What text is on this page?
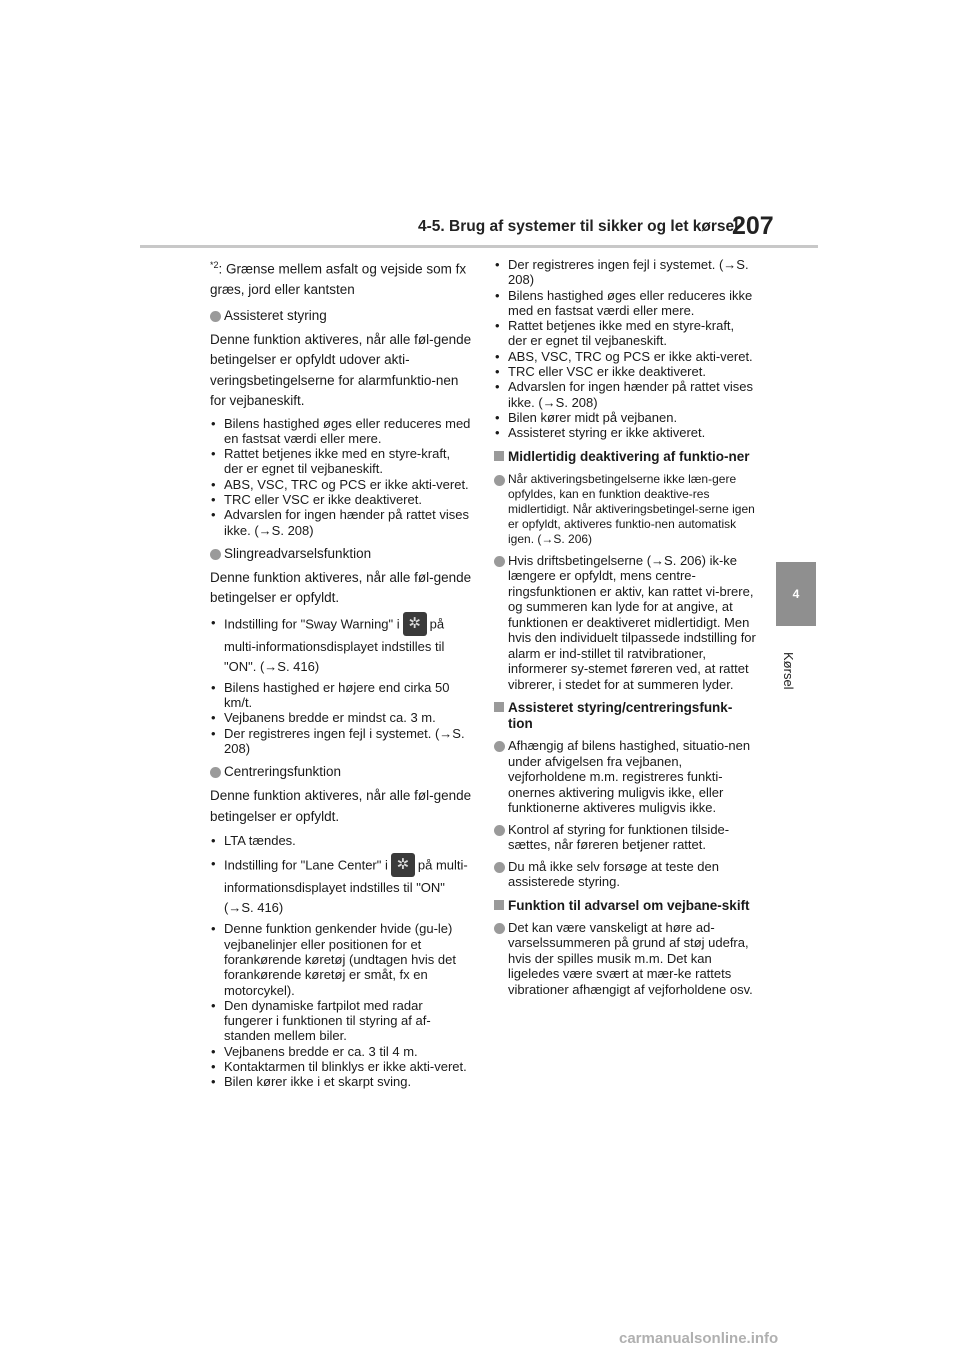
4-5. Brug af systemer til sikker og let kørsel
207
4
Kørsel
$^{*2}$: Grænse mellem asfalt og vejside som fx græs, jord eller kantsten
Assisteret styring

Denne funktion aktiveres, når alle føl-gende betingelser er opfyldt udover akti-veringsbetingelserne for alarmfunktio-nen for vejbaneskift.

• Bilens hastighed øges eller reduceres med en fastsat værdi eller mere.
• Rattet betjenes ikke med en styre-kraft, der er egnet til vejbaneskift.
• ABS, VSC, TRC og PCS er ikke akti-veret.
• TRC eller VSC er ikke deaktiveret.
• Advarslen for ingen hænder på rattet vises ikke. (→S. 208)
Slingreadvarselsfunktion

Denne funktion aktiveres, når alle føl-gende betingelser er opfyldt.

• Indstilling for "Sway Warning" i ✲ på multi-informationsdisplayet indstilles til "ON". (→S. 416)
• Bilens hastighed er højere end cirka 50 km/t.
• Vejbanens bredde er mindst ca. 3 m.
• Der registreres ingen fejl i systemet. (→S. 208)
Centreringsfunktion

Denne funktion aktiveres, når alle føl-gende betingelser er opfyldt.

• LTA tændes.
• Indstilling for "Lane Center" i ✲ på multi-informationsdisplayet indstilles til "ON" (→S. 416)
• Denne funktion genkender hvide (gu-le) vejbanelinjer eller positionen for et forankørende køretøj (undtagen hvis det forankørende køretøj er småt, fx en motorcykel).
• Den dynamiske fartpilot med radar fungerer i funktionen til styring af af-standen mellem biler.
• Vejbanens bredde er ca. 3 til 4 m.
• Kontaktarmen til blinklys er ikke akti-veret.
• Bilen kører ikke i et skarpt sving.
• Der registreres ingen fejl i systemet. (→S. 208)
• Bilens hastighed øges eller reduceres ikke med en fastsat værdi eller mere.
• Rattet betjenes ikke med en styre-kraft, der er egnet til vejbaneskift.
• ABS, VSC, TRC og PCS er ikke akti-veret.
• TRC eller VSC er ikke deaktiveret.
• Advarslen for ingen hænder på rattet vises ikke. (→S. 208)
• Bilen kører midt på vejbanen.
• Assisteret styring er ikke aktiveret.
Midlertidig deaktivering af funktio-ner
Når aktiveringsbetingelserne ikke læn-gere opfyldes, kan en funktion deaktive-res midlertidigt. Når aktiveringsbetingel-serne igen er opfyldt, aktiveres funktio-nen automatisk igen. (→S. 206)
Hvis driftsbetingelserne (→S. 206) ik-ke længere er opfyldt, mens centre-ringsfunktionen er aktiv, kan rattet vi-brere, og summeren kan lyde for at angive, at funktionen er deaktiveret midlertidigt. Men hvis den individuelt tilpassede indstilling for alarm er ind-stillet til ratvibrationer, informerer sy-stemet føreren ved, at rattet vibrerer, i stedet for at summeren lyder.
Assisteret styring/centreringsfunk-tion
Afhængig af bilens hastighed, situatio-nen under afvigelsen fra vejbanen, vejforholdene m.m. registreres funkti-onernes aktivering muligvis ikke, eller funktionerne aktiveres muligvis ikke.
Kontrol af styring for funktionen tilside-sættes, når føreren betjener rattet.
Du må ikke selv forsøge at teste den assisterede styring.
Funktion til advarsel om vejbane-skift
Det kan være vanskeligt at høre ad-varselssummeren på grund af støj udefra, hvis der spilles musik m.m. Det kan ligeledes være svært at mær-ke rattets vibrationer afhængigt af vejforholdene osv.
carmanualsonline.info
